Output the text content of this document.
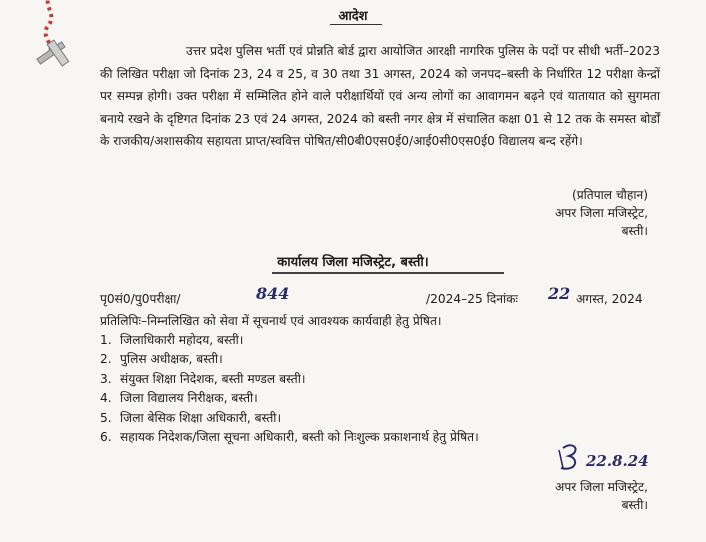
आदेश
उत्तर प्रदेश पुलिस भर्ती एवं प्रोन्नति बोर्ड द्वारा आयोजित आरक्षी नागरिक पुलिस के पदों पर सीधी भर्ती–2023 की लिखित परीक्षा जो दिनांक 23, 24 व 25, व 30 तथा 31 अगस्त, 2024 को जनपद–बस्ती के निर्धारित 12 परीक्षा केन्द्रों पर सम्पन्न होगी। उक्त परीक्षा में सम्मिलित होने वाले परीक्षार्थियों एवं अन्य लोगों का आवागमन बढ़ने एवं यातायात को सुगमता बनाये रखने के दृष्टिगत दिनांक 23 एवं 24 अगस्त, 2024 को बस्ती नगर क्षेत्र में संचालित कक्षा 01 से 12 तक के समस्त बोर्डों के राजकीय/अशासकीय सहायता प्राप्त/स्ववित्त पोषित/सी0बी0एस0ई0/आई0सी0एस0ई0 विद्यालय बन्द रहेंगे।
(प्रतिपाल चौहान)
अपर जिला मजिस्ट्रेट,
बस्ती।
कार्यालय जिला मजिस्ट्रेट, बस्ती।
पृ0सं0/पु0परीक्षा/	844	/2024–25 दिनांकः 22 अगस्त, 2024
प्रतिलिपिः–निम्नलिखित को सेवा में सूचनार्थ एवं आवश्यक कार्यवाही हेतु प्रेषित।
1. जिलाधिकारी महोदय, बस्ती।
2. पुलिस अधीक्षक, बस्ती।
3. संयुक्त शिक्षा निदेशक, बस्ती मण्डल बस्ती।
4. जिला विद्यालय निरीक्षक, बस्ती।
5. जिला बेसिक शिक्षा अधिकारी, बस्ती।
6. सहायक निदेशक/जिला सूचना अधिकारी, बस्ती को निःशुल्क प्रकाशनार्थ हेतु प्रेषित।
22.8.24
अपर जिला मजिस्ट्रेट,
बस्ती।
